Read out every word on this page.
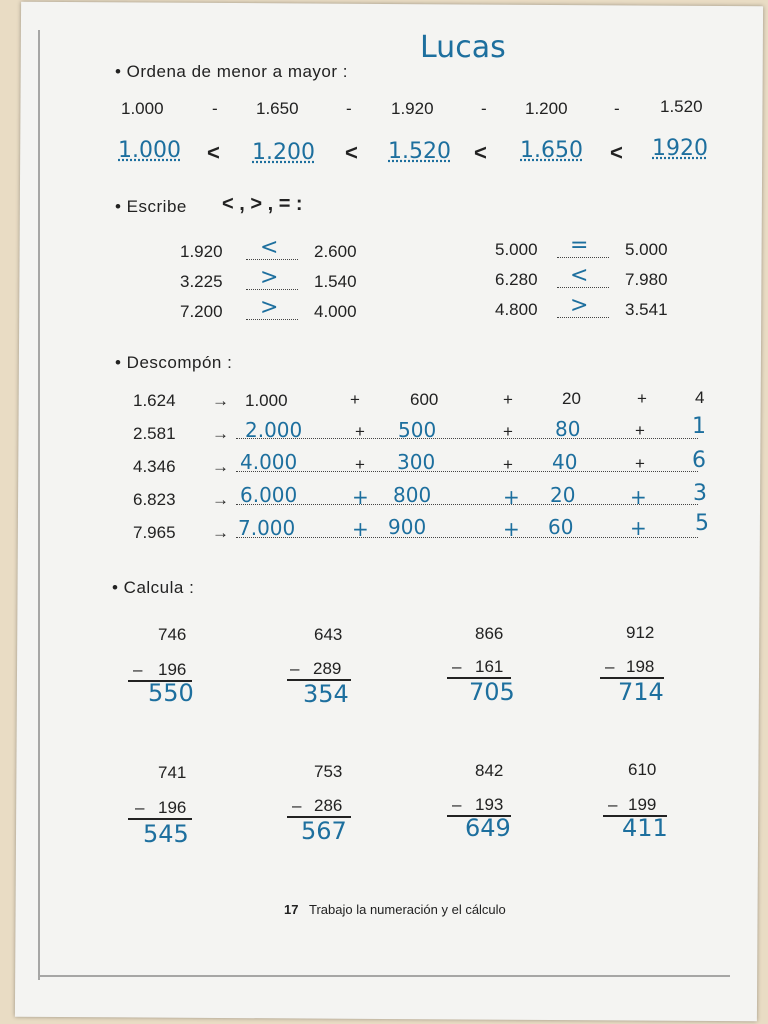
Lucas
• Ordena de menor a mayor :
1.000	- 1.650	- 1.920	- 1.200	- 1.520
1.000 < 1.200 < 1.520 < 1.650 < 1920
• Escribe < , > , = :
1.920 < 2.600
3.225 > 1.540
7.200 > 4.000
5.000 = 5.000
6.280 < 7.980
4.800 > 3.541
• Descompón :
1.624 → 1.000	+	600	+	20	+	4
2.581 → 2.000	+ 500	+ 80	+ 1
4.346 → 4.000	+ 300	+ 40	+ 6
6.823 → 6.000	+ 800	+ 20	+ 3
7.965 → 7.000	+ 900	+ 60	+ 5
• Calcula :
746
– 196
550
643
– 289
354
866
– 161
705
912
– 198
714
741
– 196
545
753
– 286
567
842
– 193
649
610
– 199
411
17 Trabajo la numeración y el cálculo
